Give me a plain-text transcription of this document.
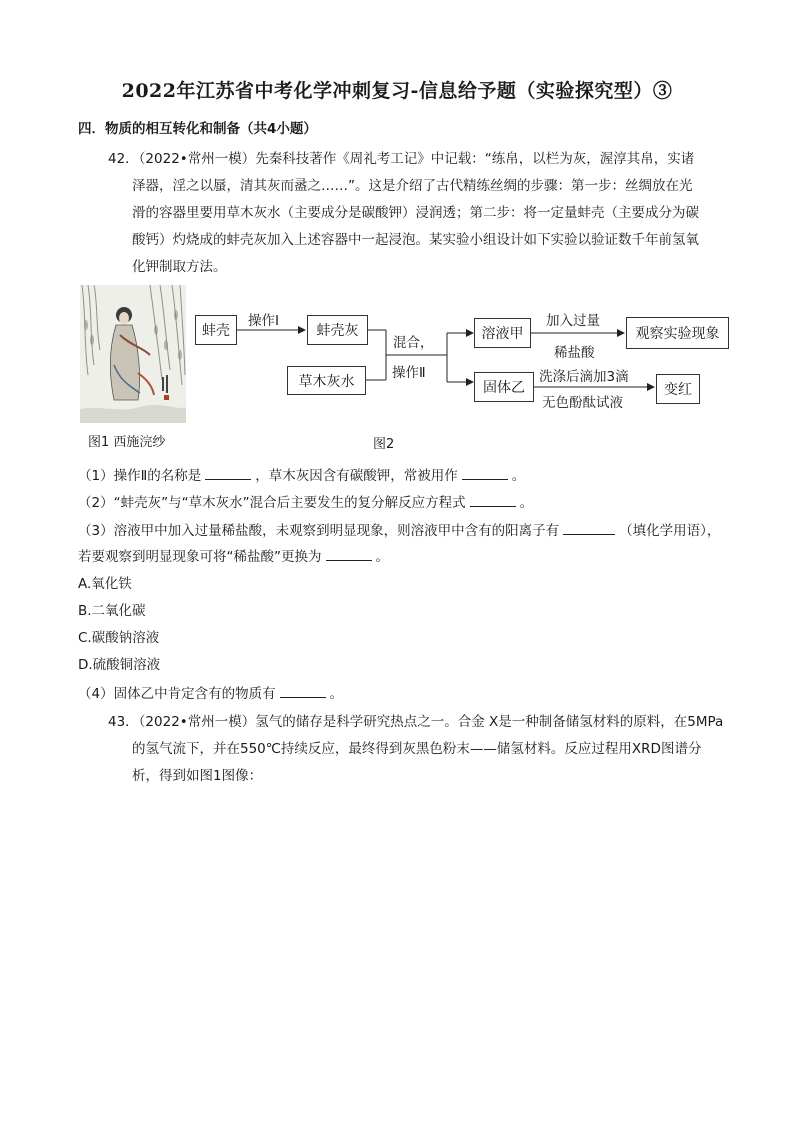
2022年江苏省中考化学冲刺复习-信息给予题（实验探究型）③
四．物质的相互转化和制备（共4小题）
42．（2022•常州一模）先秦科技著作《周礼考工记》中记载：“练帛，以栏为灰，渥淳其帛，实诸
泽器，淫之以蜃，清其灰而盝之……”。这是介绍了古代精练丝绸的步骤：第一步：丝绸放在光
滑的容器里要用草木灰水（主要成分是碳酸钾）浸润透；第二步：将一定量蚌壳（主要成分为碳
酸钙）灼烧成的蚌壳灰加入上述容器中一起浸泡。某实验小组设计如下实验以验证数千年前氢氧
化钾制取方法。
蚌壳
操作Ⅰ
蚌壳灰
草木灰水
混合，
操作Ⅱ
溶液甲
加入过量
稀盐酸
观察实验现象
固体乙
洗涤后滴加3滴
无色酚酞试液
变红
图1 西施浣纱	图2
（1）操作Ⅱ的名称是	，草木灰因含有碳酸钾，常被用作	。
（2）“蚌壳灰”与“草木灰水”混合后主要发生的复分解反应方程式	。
（3）溶液甲中加入过量稀盐酸，未观察到明显现象，则溶液甲中含有的阳离子有	（填化学用语），
若要观察到明显现象可将“稀盐酸”更换为	。
A.氧化铁
B.二氧化碳
C.碳酸钠溶液
D.硫酸铜溶液
（4）固体乙中肯定含有的物质有	。
43．（2022•常州一模）氢气的储存是科学研究热点之一。合金 X是一种制备储氢材料的原料，在5MPa
的氢气流下，并在550℃持续反应，最终得到灰黑色粉末——储氢材料。反应过程用XRD图谱分
析，得到如图1图像：
